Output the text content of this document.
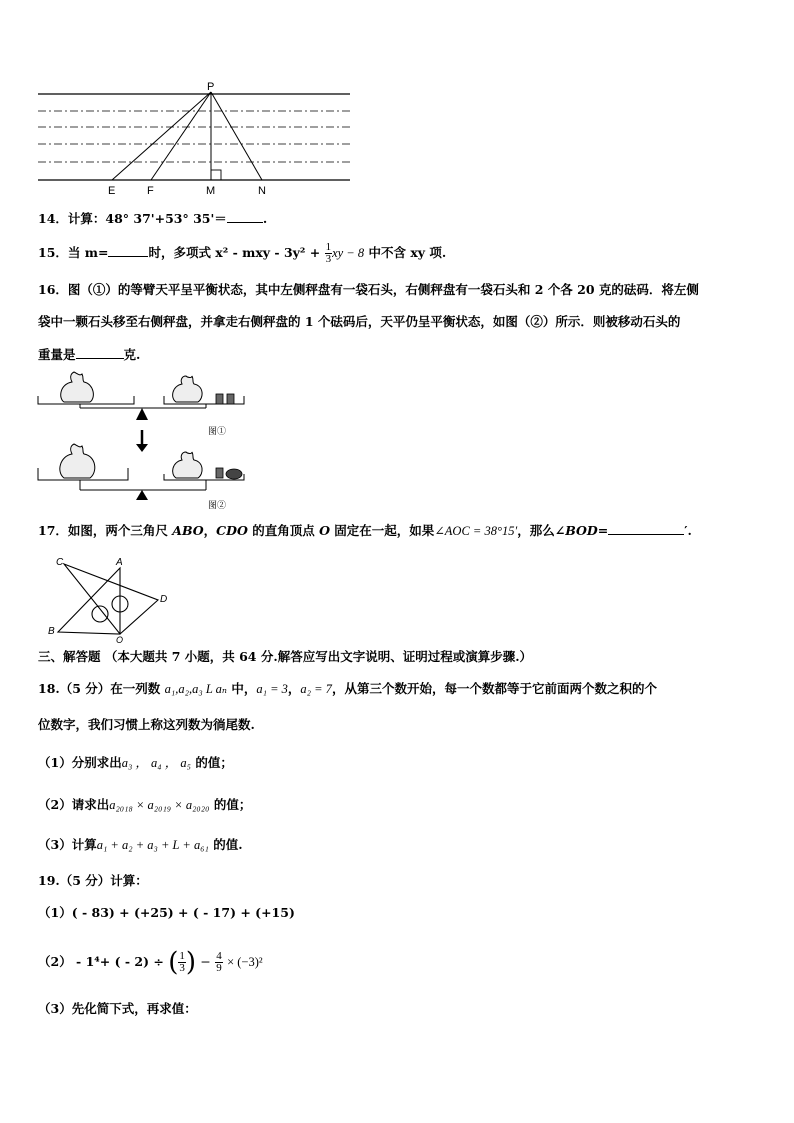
P
E	F	M	N
14．计算：48° 37'+53° 35'＝	.
15．当 m=	时，多项式 x² - mxy - $3y^2 + \frac{1}{3}$ xy − 8 中不含 xy 项.
16．图（①）的等臂天平呈平衡状态，其中左侧秤盘有一袋石头，右侧秤盘有一袋石头和 2 个各 20 克的砝码．将左侧
袋中一颗石头移至右侧秤盘，并拿走右侧秤盘的 1 个砝码后，天平仍呈平衡状态，如图（②）所示．则被移动石头的
重量是	克.
图①
图②
17．如图，两个三角尺 ABO，CDO 的直角顶点 O 固定在一起，如果∠AOC = 38°15′，那么∠BOD=	′.
C	A
D
B
O
三、解答题 （本大题共 7 小题，共 64 分.解答应写出文字说明、证明过程或演算步骤.）
18.（5 分）在一列数 a₁,a₂,a₃ L aₙ 中，a₁ = 3，a₂ = 7，从第三个数开始，每一个数都等于它前面两个数之积的个
位数字，我们习惯上称这列数为徜尾数.
（1）分别求出a₃ ， a₄ ， a₅ 的值；
（2）请求出a₂₀₁₈ × a₂₀₁₉ × a₂₀₂₀ 的值；
（3）计算a₁ + a₂ + a₃ + L + a₆₁ 的值.
19.（5 分）计算：
（1）( - 83) + (+25) + ( - 17) + (+15)
（2） - 1⁴+ ( - 2) ÷ ( $\frac{1}{3}$ ) − $\frac{4}{9} \times (-3)^2$
（3）先化简下式，再求值：
